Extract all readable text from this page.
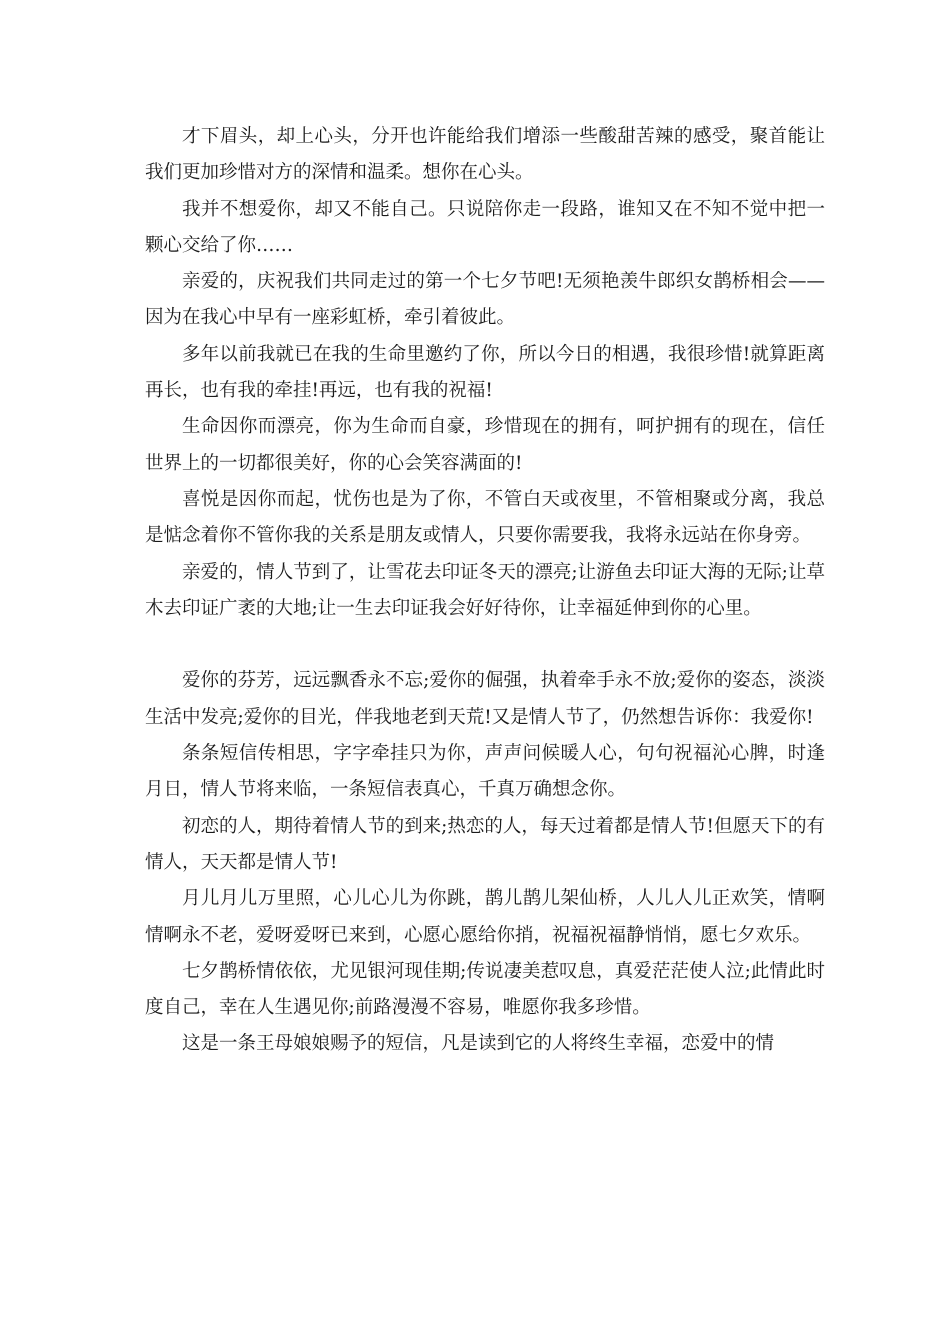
才下眉头，却上心头，分开也许能给我们增添一些酸甜苦辣的感受，聚首能让我们更加珍惜对方的深情和温柔。想你在心头。

我并不想爱你，却又不能自己。只说陪你走一段路，谁知又在不知不觉中把一颗心交给了你……

亲爱的，庆祝我们共同走过的第一个七夕节吧!无须艳羡牛郎织女鹊桥相会——因为在我心中早有一座彩虹桥，牵引着彼此。

多年以前我就已在我的生命里邀约了你，所以今日的相遇，我很珍惜!就算距离再长，也有我的牵挂!再远，也有我的祝福!

生命因你而漂亮，你为生命而自豪，珍惜现在的拥有，呵护拥有的现在，信任世界上的一切都很美好，你的心会笑容满面的!

喜悦是因你而起，忧伤也是为了你，不管白天或夜里，不管相聚或分离，我总是惦念着你不管你我的关系是朋友或情人，只要你需要我，我将永远站在你身旁。

亲爱的，情人节到了，让雪花去印证冬天的漂亮;让游鱼去印证大海的无际;让草木去印证广袤的大地;让一生去印证我会好好待你，让幸福延伸到你的心里。

爱你的芬芳，远远飘香永不忘;爱你的倔强，执着牵手永不放;爱你的姿态，淡淡生活中发亮;爱你的目光，伴我地老到天荒!又是情人节了，仍然想告诉你：我爱你!

条条短信传相思，字字牵挂只为你，声声问候暖人心，句句祝福沁心脾，时逢月日，情人节将来临，一条短信表真心，千真万确想念你。

初恋的人，期待着情人节的到来;热恋的人，每天过着都是情人节!但愿天下的有情人，天天都是情人节!

月儿月儿万里照，心儿心儿为你跳，鹊儿鹊儿架仙桥，人儿人儿正欢笑，情啊情啊永不老，爱呀爱呀已来到，心愿心愿给你捎，祝福祝福静悄悄，愿七夕欢乐。

七夕鹊桥情依依，尤见银河现佳期;传说凄美惹叹息，真爱茫茫使人泣;此情此时度自己，幸在人生遇见你;前路漫漫不容易，唯愿你我多珍惜。

这是一条王母娘娘赐予的短信，凡是读到它的人将终生幸福，恋爱中的情
